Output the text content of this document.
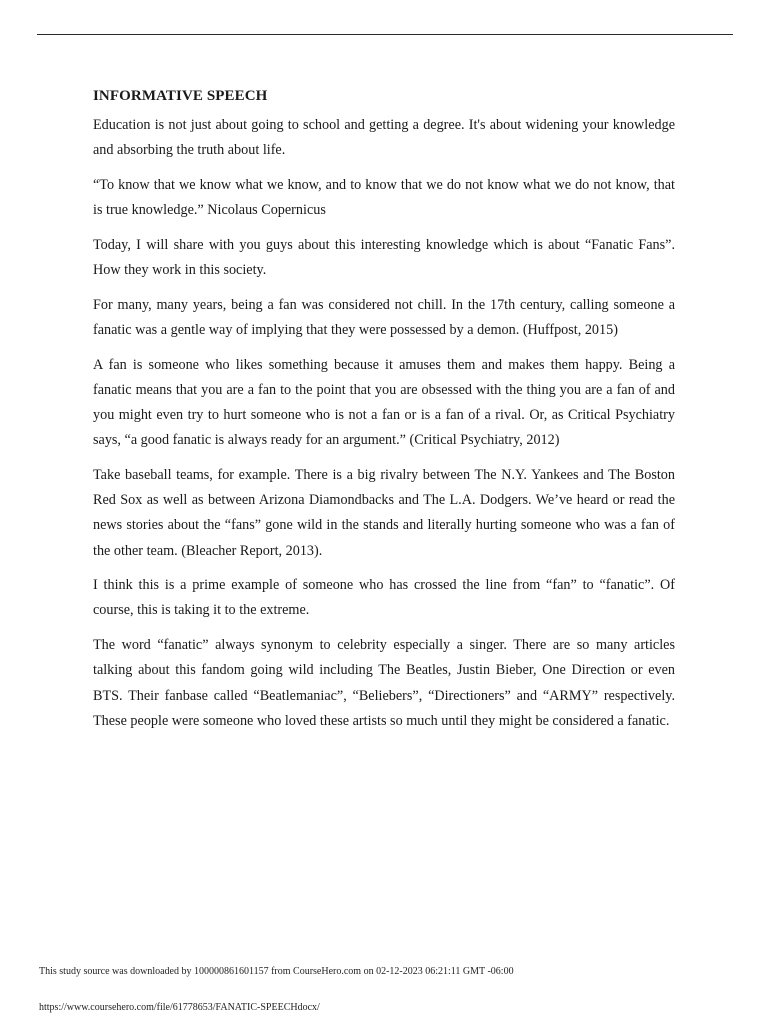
INFORMATIVE SPEECH

Education is not just about going to school and getting a degree. It's about widening your knowledge and absorbing the truth about life.

“To know that we know what we know, and to know that we do not know what we do not know, that is true knowledge.” Nicolaus Copernicus

Today, I will share with you guys about this interesting knowledge which is about “Fanatic Fans”. How they work in this society.

For many, many years, being a fan was considered not chill. In the 17th century, calling someone a fanatic was a gentle way of implying that they were possessed by a demon. (Huffpost, 2015)

A fan is someone who likes something because it amuses them and makes them happy. Being a fanatic means that you are a fan to the point that you are obsessed with the thing you are a fan of and you might even try to hurt someone who is not a fan or is a fan of a rival. Or, as Critical Psychiatry says, “a good fanatic is always ready for an argument.” (Critical Psychiatry, 2012)

Take baseball teams, for example. There is a big rivalry between The N.Y. Yankees and The Boston Red Sox as well as between Arizona Diamondbacks and The L.A. Dodgers. We’ve heard or read the news stories about the “fans” gone wild in the stands and literally hurting someone who was a fan of the other team. (Bleacher Report, 2013).

I think this is a prime example of someone who has crossed the line from “fan” to “fanatic”. Of course, this is taking it to the extreme.

The word “fanatic” always synonym to celebrity especially a singer. There are so many articles talking about this fandom going wild including The Beatles, Justin Bieber, One Direction or even BTS. Their fanbase called “Beatlemaniac”, “Beliebers”, “Directioners” and “ARMY” respectively. These people were someone who loved these artists so much until they might be considered a fanatic.

This study source was downloaded by 100000861601157 from CourseHero.com on 02-12-2023 06:21:11 GMT -06:00
https://www.coursehero.com/file/61778653/FANATIC-SPEECHdocx/
